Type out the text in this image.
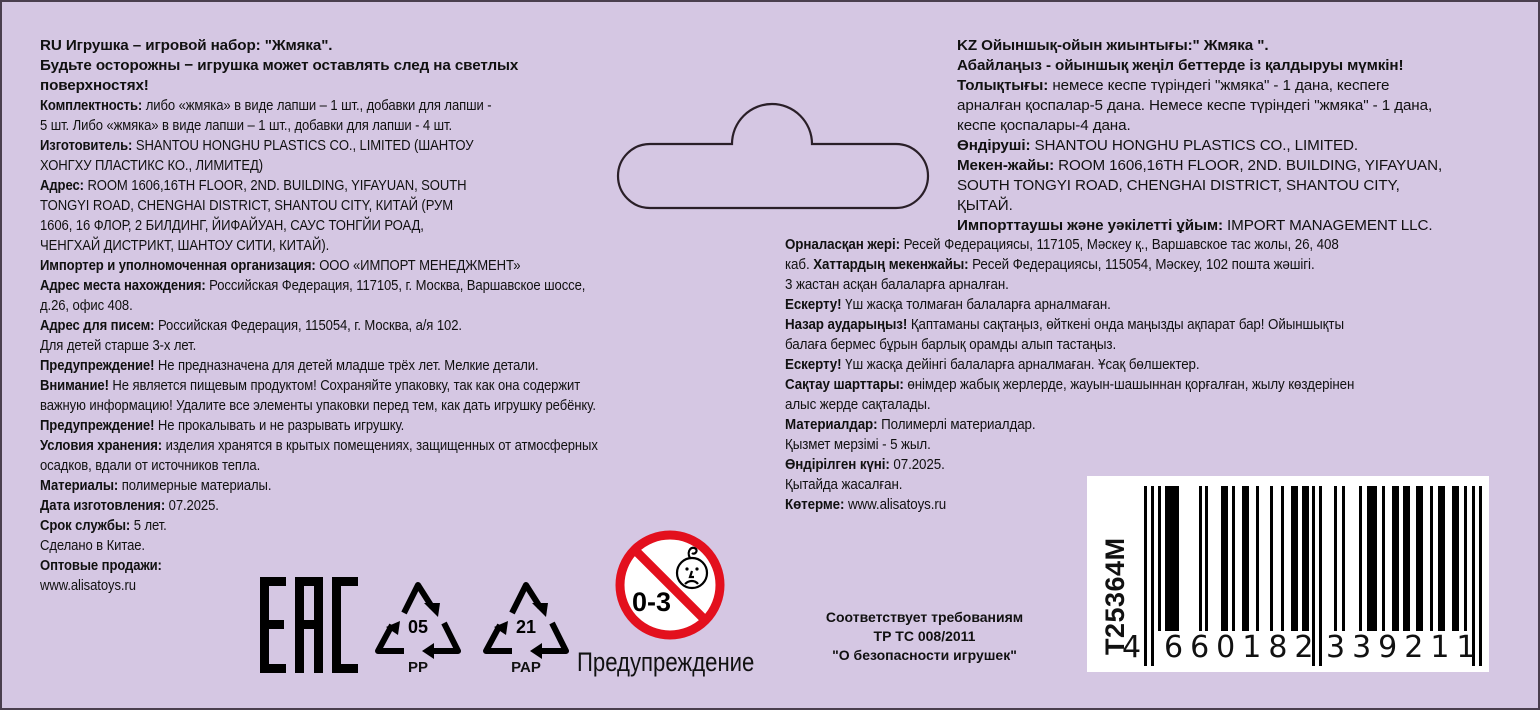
RU Игрушка – игровой набор: "Жмяка".
Будьте осторожны − игрушка может оставлять след на светлых
поверхностях!
Комплектность: либо «жмяка» в виде лапши – 1 шт., добавки для лапши -
5 шт. Либо «жмяка» в виде лапши – 1 шт., добавки для лапши - 4 шт.
Изготовитель: SHANTOU HONGHU PLASTICS CO., LIMITED (ШАНТОУ
ХОНГХУ ПЛАСТИКС КО., ЛИМИТЕД)
Адрес: ROOM 1606,16TH FLOOR, 2ND. BUILDING, YIFAYUAN, SOUTH
TONGYI ROAD, CHENGHAI DISTRICT, SHANTOU CITY, КИТАЙ (РУМ
1606, 16 ФЛОР, 2 БИЛДИНГ, ЙИФАЙУАН, САУС ТОНГЙИ РОАД,
ЧЕНГХАЙ ДИСТРИКТ, ШАНТОУ СИТИ, КИТАЙ).
Импортер и уполномоченная организация: ООО «ИМПОРТ МЕНЕДЖМЕНТ»
Адрес места нахождения: Российская Федерация, 117105, г. Москва, Варшавское шоссе,
д.26, офис 408.
Адрес для писем: Российская Федерация, 115054, г. Москва, а/я 102.
Для детей старше 3-х лет.
Предупреждение! Не предназначена для детей младше трёх лет. Мелкие детали.
Внимание! Не является пищевым продуктом! Сохраняйте упаковку, так как она содержит
важную информацию! Удалите все элементы упаковки перед тем, как дать игрушку ребёнку.
Предупреждение! Не прокалывать и не разрывать игрушку.
Условия хранения: изделия хранятся в крытых помещениях, защищенных от атмосферных
осадков, вдали от источников тепла.
Материалы: полимерные материалы.
Дата изготовления: 07.2025.
Срок службы: 5 лет.
Сделано в Китае.
Оптовые продажи:
www.alisatoys.ru
KZ Ойыншық-ойын жиынтығы:" Жмяка ".
Абайлаңыз - ойыншық жеңіл беттерде із қалдыруы мүмкін!
Толықтығы: немесе кеспе түріндегі "жмяка" - 1 дана, кеспеге
арналған қоспалар-5 дана. Немесе кеспе түріндегі "жмяка" - 1 дана,
кеспе қоспалары-4 дана.
Өндіруші: SHANTOU HONGHU PLASTICS CO., LIMITED.
Мекен-жайы: ROOM 1606,16TH FLOOR, 2ND. BUILDING, YIFAYUAN,
SOUTH TONGYI ROAD, CHENGHAI DISTRICT, SHANTOU CITY,
ҚЫТАЙ.
Импорттаушы және уәкілетті ұйым: IMPORT MANAGEMENT LLC.
Орналасқан жері: Ресей Федерациясы, 117105, Мәскеу қ., Варшавское тас жолы, 26, 408
каб. Хаттардың мекенжайы: Ресей Федерациясы, 115054, Мәскеу, 102 пошта жәшігі.
3 жастан асқан балаларға арналған.
Ескерту! Үш жасқа толмаған балаларға арналмаған.
Назар аударыңыз! Қаптаманы сақтаңыз, өйткені онда маңызды ақпарат бар! Ойыншықты
балаға бермес бұрын барлық орамды алып тастаңыз.
Ескерту! Үш жасқа дейінгі балаларға арналмаған. Ұсақ бөлшектер.
Сақтау шарттары: өнімдер жабық жерлерде, жауын-шашыннан қорғалған, жылу көздерінен
алыс жерде сақталады.
Материалдар: Полимерлі материалдар.
Қызмет мерзімі - 5 жыл.
Өндірілген күні: 07.2025.
Қытайда жасалған.
Көтерме: www.alisatoys.ru
05
PP
21
PAP
0-3
Предупреждение
Соответствует требованиям
ТР ТС 008/2011
"О безопасности игрушек"	T25364M
4 660182 339211
